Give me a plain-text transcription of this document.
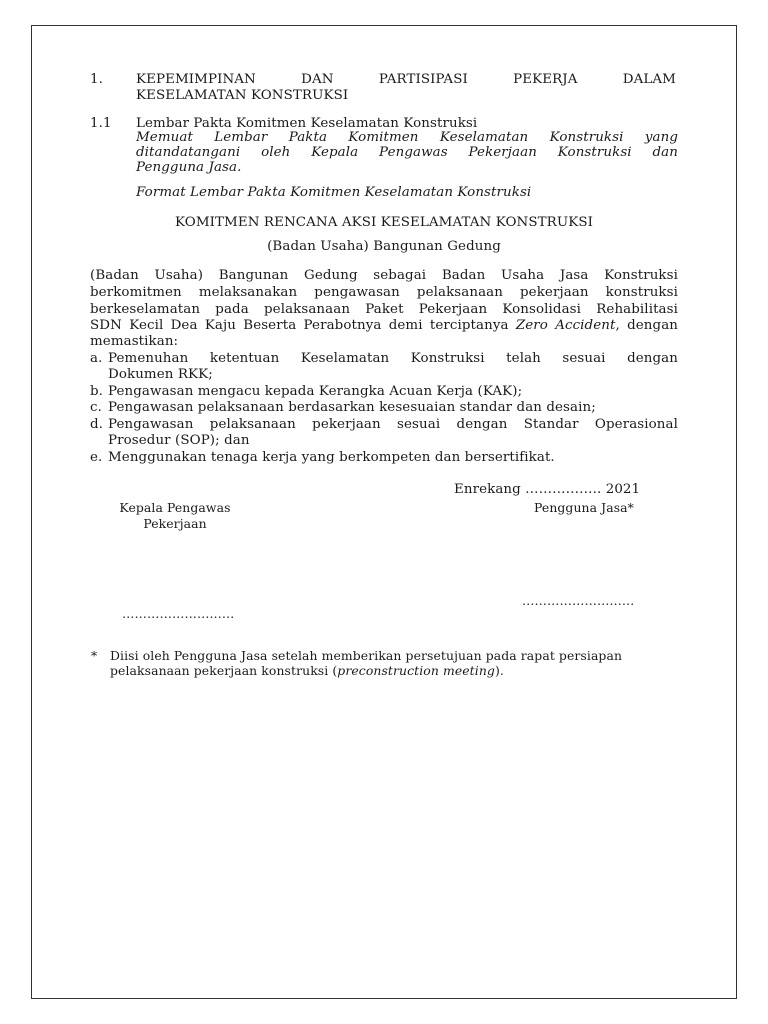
1. KEPEMIMPINAN	DAN	PARTISIPASI	PEKERJA	DALAM
KESELAMATAN KONSTRUKSI
1.1 Lembar Pakta Komitmen Keselamatan Konstruksi
Memuat Lembar Pakta Komitmen Keselamatan Konstruksi yang
ditandatangani oleh Kepala Pengawas Pekerjaan Konstruksi dan
Pengguna Jasa.
Format Lembar Pakta Komitmen Keselamatan Konstruksi
KOMITMEN RENCANA AKSI KESELAMATAN KONSTRUKSI
(Badan Usaha) Bangunan Gedung
(Badan Usaha) Bangunan Gedung sebagai Badan Usaha Jasa Konstruksi
berkomitmen melaksanakan pengawasan pelaksanaan pekerjaan konstruksi
berkeselamatan pada pelaksanaan Paket Pekerjaan Konsolidasi Rehabilitasi
SDN Kecil Dea Kaju Beserta Perabotnya demi terciptanya Zero Accident, dengan
memastikan:
a. Pemenuhan ketentuan Keselamatan Konstruksi telah sesuai dengan
Dokumen RKK;
b. Pengawasan mengacu kepada Kerangka Acuan Kerja (KAK);
c. Pengawasan pelaksanaan berdasarkan kesesuaian standar dan desain;
d. Pengawasan pelaksanaan pekerjaan sesuai dengan Standar Operasional
Prosedur (SOP); dan
e. Menggunakan tenaga kerja yang berkompeten dan bersertifikat.
Enrekang …………….. 2021
Kepala Pengawas
Pekerjaan
Pengguna Jasa*
………………………
………………………
* Diisi oleh Pengguna Jasa setelah memberikan persetujuan pada rapat persiapan
pelaksanaan pekerjaan konstruksi (preconstruction meeting).
